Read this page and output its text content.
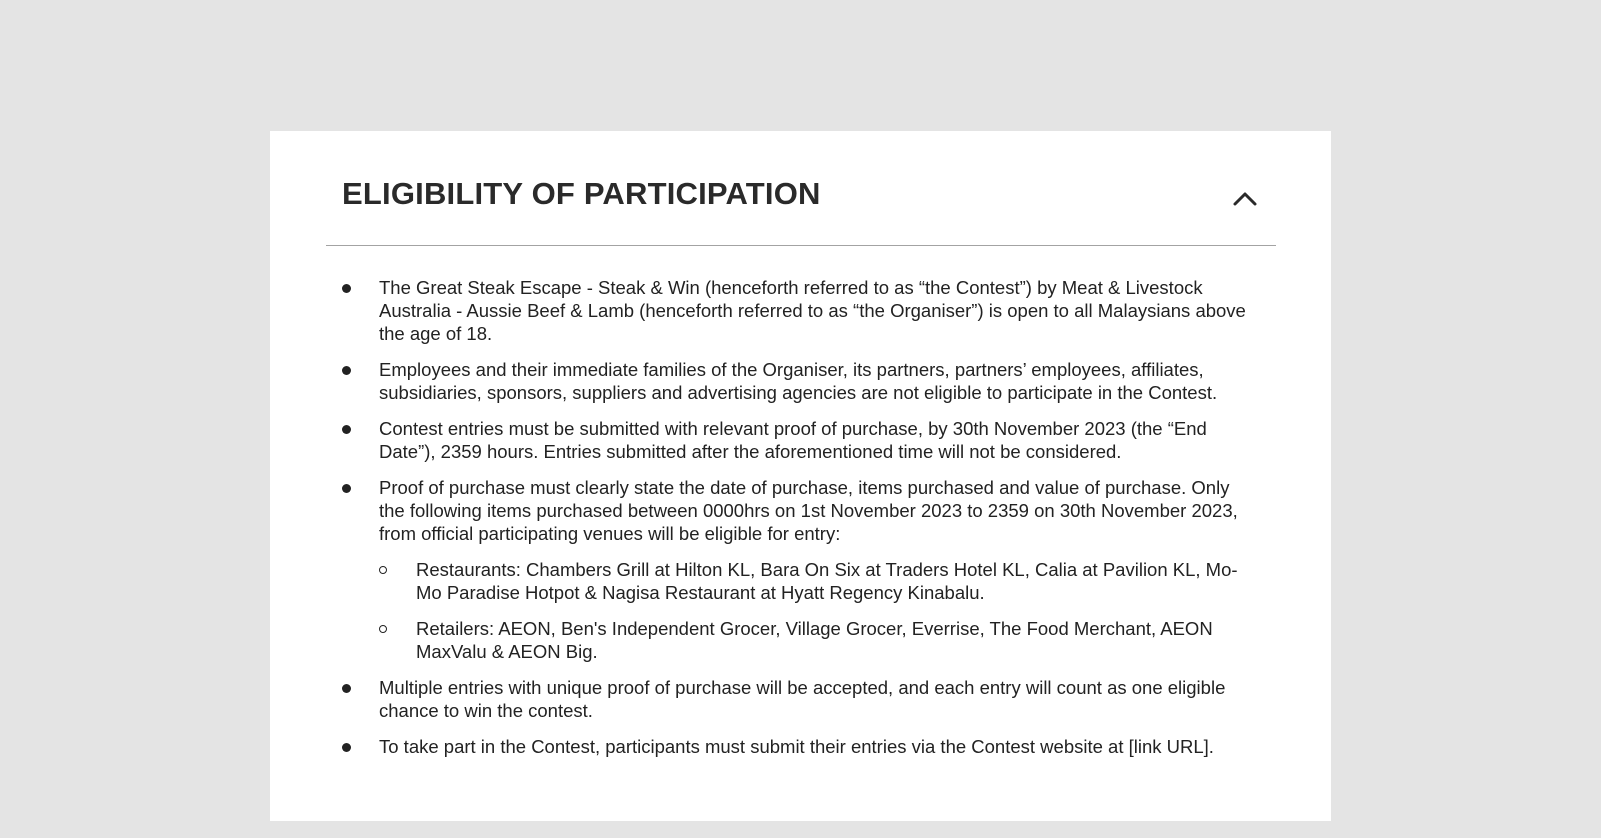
ELIGIBILITY OF PARTICIPATION
The Great Steak Escape - Steak & Win (henceforth referred to as “the Contest”) by Meat & Livestock Australia - Aussie Beef & Lamb (henceforth referred to as “the Organiser”) is open to all Malaysians above the age of 18.
Employees and their immediate families of the Organiser, its partners, partners’ employees, affiliates, subsidiaries, sponsors, suppliers and advertising agencies are not eligible to participate in the Contest.
Contest entries must be submitted with relevant proof of purchase, by 30th November 2023 (the “End Date”), 2359 hours. Entries submitted after the aforementioned time will not be considered.
Proof of purchase must clearly state the date of purchase, items purchased and value of purchase. Only the following items purchased between 0000hrs on 1st November 2023 to 2359 on 30th November 2023, from official participating venues will be eligible for entry:
Restaurants: Chambers Grill at Hilton KL, Bara On Six at Traders Hotel KL, Calia at Pavilion KL, Mo-Mo Paradise Hotpot & Nagisa Restaurant at Hyatt Regency Kinabalu.
Retailers: AEON, Ben's Independent Grocer, Village Grocer, Everrise, The Food Merchant, AEON MaxValu & AEON Big.
Multiple entries with unique proof of purchase will be accepted, and each entry will count as one eligible chance to win the contest.
To take part in the Contest, participants must submit their entries via the Contest website at [link URL].
